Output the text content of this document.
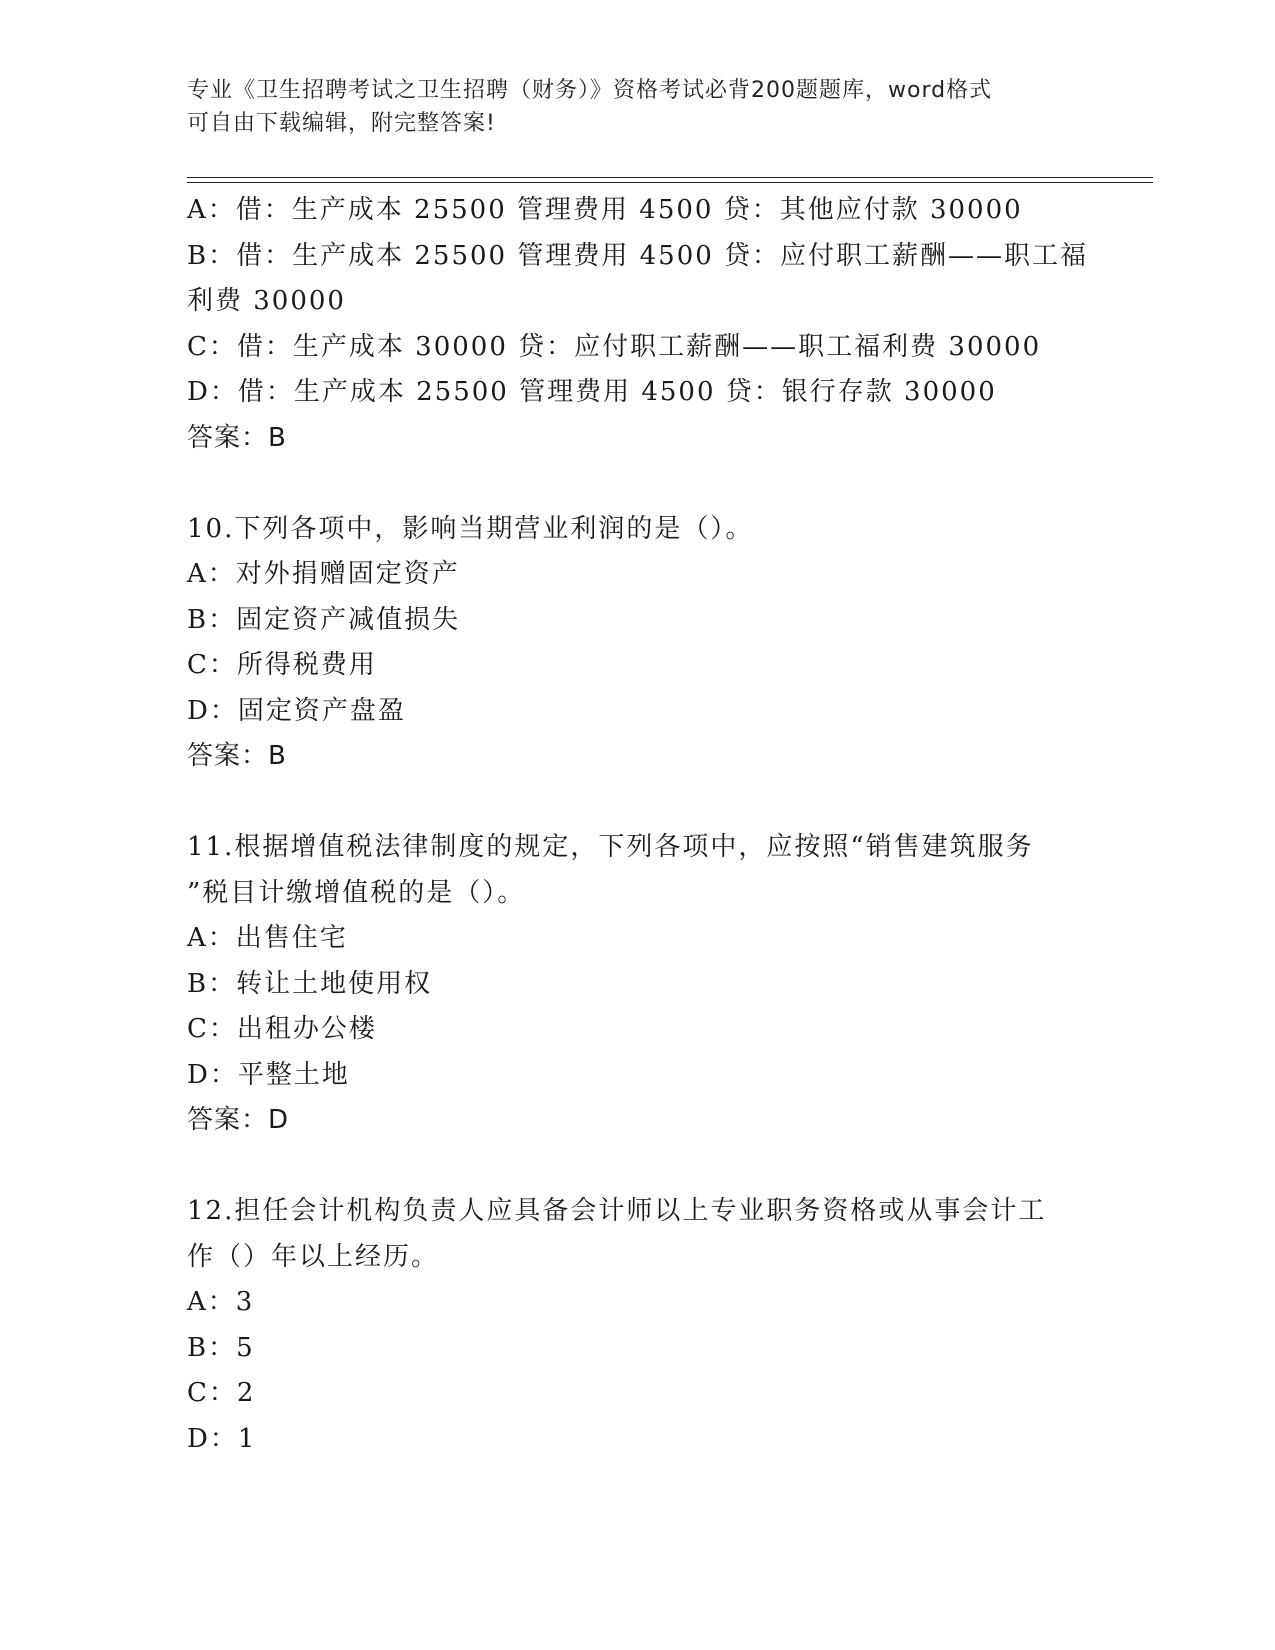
专业《卫生招聘考试之卫生招聘（财务）》资格考试必背200题题库，word格式
可自由下载编辑，附完整答案!
A：借：生产成本 25500 管理费用 4500 贷：其他应付款 30000
B：借：生产成本 25500 管理费用 4500 贷：应付职工薪酬——职工福
利费 30000
C：借：生产成本 30000 贷：应付职工薪酬——职工福利费 30000
D：借：生产成本 25500 管理费用 4500 贷：银行存款 30000
答案：B
10.下列各项中，影响当期营业利润的是（）。
A：对外捐赠固定资产
B：固定资产减值损失
C：所得税费用
D：固定资产盘盈
答案：B
11.根据增值税法律制度的规定，下列各项中，应按照“销售建筑服务
”税目计缴增值税的是（）。
A：出售住宅
B：转让土地使用权
C：出租办公楼
D：平整土地
答案：D
12.担任会计机构负责人应具备会计师以上专业职务资格或从事会计工
作（）年以上经历。
A：3
B：5
C：2
D：1
